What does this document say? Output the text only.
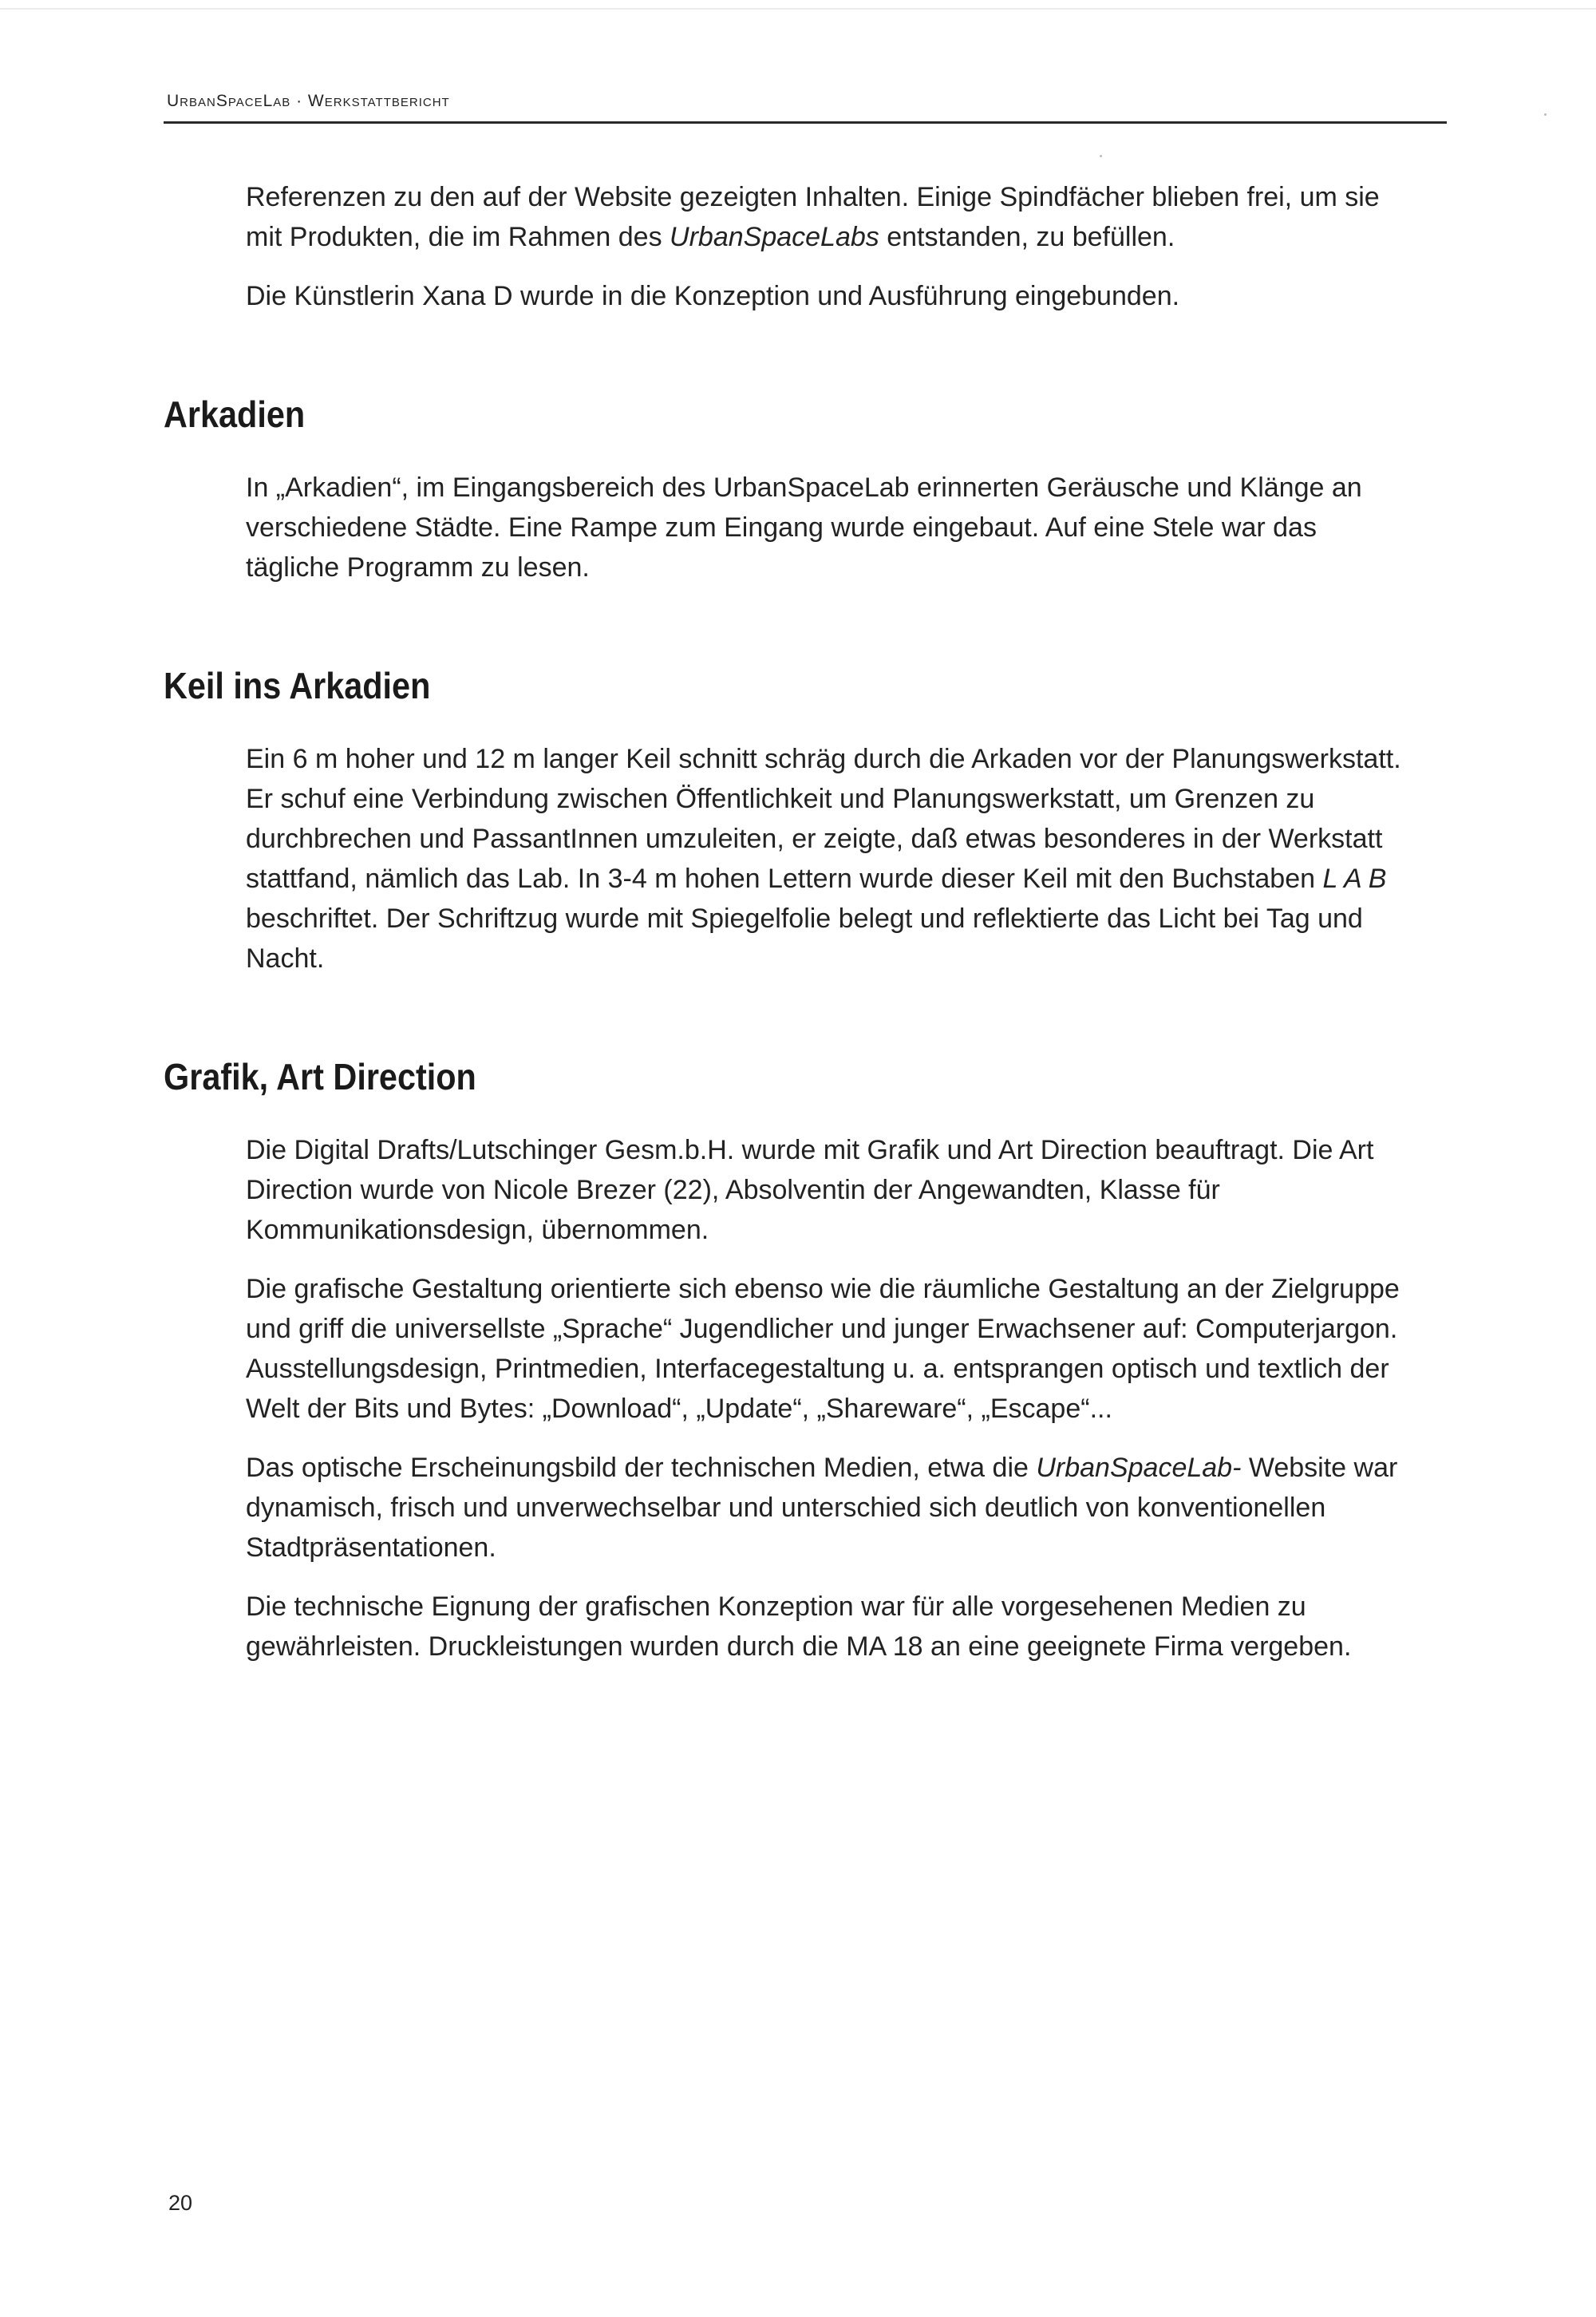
UrbanSpaceLab · Werkstattbericht

Referenzen zu den auf der Website gezeigten Inhalten. Einige Spindfächer blieben frei, um sie mit Produkten, die im Rahmen des UrbanSpaceLabs entstanden, zu befüllen.

Die Künstlerin Xana D wurde in die Konzeption und Ausführung eingebunden.

Arkadien

In „Arkadien“, im Eingangsbereich des UrbanSpaceLab erinnerten Geräusche und Klänge an verschiedene Städte. Eine Rampe zum Eingang wurde eingebaut. Auf eine Stele war das tägliche Programm zu lesen.

Keil ins Arkadien

Ein 6 m hoher und 12 m langer Keil schnitt schräg durch die Arkaden vor der Planungswerkstatt. Er schuf eine Verbindung zwischen Öffentlichkeit und Planungswerkstatt, um Grenzen zu durchbrechen und PassantInnen umzuleiten, er zeigte, daß etwas besonderes in der Werkstatt stattfand, nämlich das Lab. In 3-4 m hohen Lettern wurde dieser Keil mit den Buchstaben L A B beschriftet. Der Schriftzug wurde mit Spiegelfolie belegt und reflektierte das Licht bei Tag und Nacht.

Grafik, Art Direction

Die Digital Drafts/Lutschinger Gesm.b.H. wurde mit Grafik und Art Direction beauftragt. Die Art Direction wurde von Nicole Brezer (22), Absolventin der Angewandten, Klasse für Kommunikationsdesign, übernommen.

Die grafische Gestaltung orientierte sich ebenso wie die räumliche Gestaltung an der Zielgruppe und griff die universellste „Sprache“ Jugendlicher und junger Erwachsener auf: Computerjargon. Ausstellungsdesign, Printmedien, Interfacegestaltung u. a. entsprangen optisch und textlich der Welt der Bits und Bytes: „Download“, „Update“, „Shareware“, „Escape“...

Das optische Erscheinungsbild der technischen Medien, etwa die UrbanSpaceLab- Website war dynamisch, frisch und unverwechselbar und unterschied sich deutlich von konventionellen Stadtpräsentationen.

Die technische Eignung der grafischen Konzeption war für alle vorgesehenen Medien zu gewährleisten. Druckleistungen wurden durch die MA 18 an eine geeignete Firma vergeben.

20
